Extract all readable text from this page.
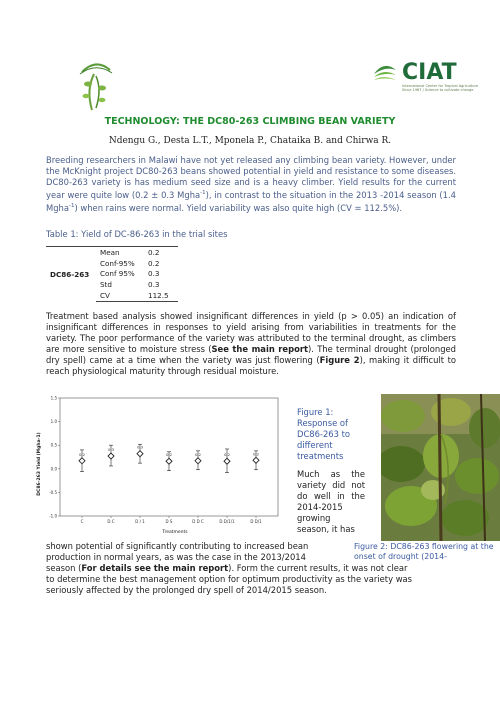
CIAT
International Center for Tropical Agriculture
Since 1967 / Science to cultivate change
TECHNOLOGY: THE DC80-263 CLIMBING BEAN VARIETY
Ndengu G., Desta L.T., Mponela P., Chataika B. and Chirwa R.
Breeding researchers in Malawi have not yet released any climbing bean variety. However, under the McKnight project DC80-263 beans showed potential in yield and resistance to some diseases. DC80-263 variety is has medium seed size and is a heavy climber. Yield results for the current year were quite low (0.2 ± 0.3 Mgha$^{-1}$), in contrast to the situation in the 2013 -2014 season (1.4 Mgha$^{-1}$) when rains were normal. Yield variability was also quite high (CV = 112.5%).
Table 1: Yield of DC-86-263 in the trial sites
DC86-263	Mean	0.2
	Conf-95%	0.2
	Conf 95%	0.3
	Std	0.3
	CV	112.5
Treatment based analysis showed insignificant differences in yield (p > 0.05) an indication of insignificant differences in responses to yield arising from variabilities in treatments for the variety. The poor performance of the variety was attributed to the terminal drought, as climbers are more sensitive to moisture stress (See the main report). The terminal drought (prolonged dry spell) came at a time when the variety was just flowering (Figure 2), making it difficult to reach physiological maturity through residual moisture.
1.5
1.0
0.5
0.0
-0.5
-1.0
C	D C	D / 1	D S	D D C	D D/1/1	D D/1
0.2
0.3	0.3
0.2	0.2	0.2	0.2
DC86-263 Yield (Mgha-1)
Treatments
Figure 1: Response of DC86-263 to different treatments
Much as the variety did not do well in the 2014-2015 growing season, it has
Figure 2: DC86-263 flowering at the onset of drought (2014-
shown potential of significantly contributing to increased bean
production in normal years, as was the case in the 2013/2014
season (For details see the main report). Form the current results, it was not clear
to determine the best management option for optimum productivity as the variety was
seriously affected by the prolonged dry spell of 2014/2015 season.
